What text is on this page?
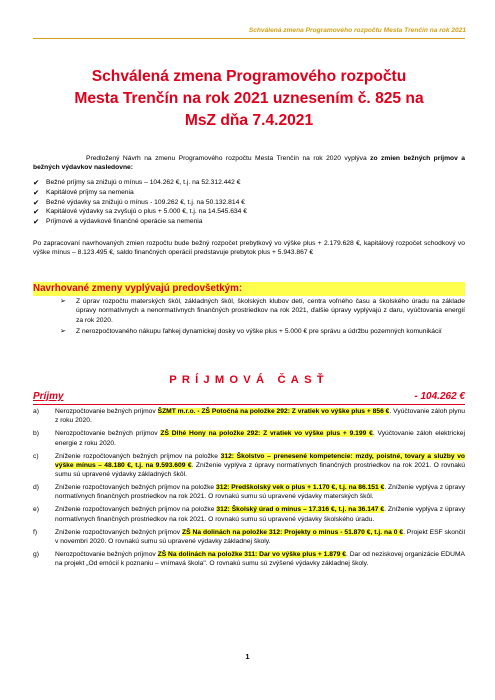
Schválená zmena Programového rozpočtu Mesta Trenčín na rok 2021
Schválená zmena Programového rozpočtu
Mesta Trenčín na rok 2021 uznesením č. 825 na
MsZ dňa 7.4.2021

Predložený Návrh na zmenu Programového rozpočtu Mesta Trenčín na rok 2020 vyplýva zo zmien bežných príjmov a bežných výdavkov nasledovne:

✔ Bežné príjmy sa znižujú o mínus – 104.262 €, t.j. na 52.312.442 €
✔ Kapitálové príjmy sa nemenia
✔ Bežné výdavky sa znižujú o mínus - 109.262 €, t.j. na 50.132.814 €
✔ Kapitálové výdavky sa zvyšujú o plus + 5.000 €, t.j. na 14.545.634 €
✔ Príjmové a výdavkové finančné operácie sa nemenia

Po zapracovaní navrhovaných zmien rozpočtu bude bežný rozpočet prebytkový vo výške plus + 2.179.628 €, kapitálový rozpočet schodkový vo výške mínus – 8.123.495 €, saldo finančných operácií predstavuje prebytok plus + 5.943.867 €

Navrhované zmeny vyplývajú predovšetkým:
➢ Z úprav rozpočtu materských škôl, základných škôl, školských klubov detí, centra voľného času a školského úradu na základe úpravy normatívnych a nenormatívnych finančných prostriedkov na rok 2021, ďalšie úpravy vyplývajú z daru, vyúčtovania energií za rok 2020.
➢ Z nerozpočtovaného nákupu ľahkej dynamickej dosky vo výške plus + 5.000 € pre správu a údržbu pozemných komunikácií
PRÍJMOVÁ ČASŤ
Príjmy	- 104.262 €
a) Nerozpočtovanie bežných príjmov ŠZMT m.r.o. - ZŠ Potočná na položke 292: Z vratiek vo výške plus + 856 €. Vyúčtovanie záloh plynu z roku 2020.
b) Nerozpočtovanie bežných príjmov ZŠ Dlhé Hony na položke 292: Z vratiek vo výške plus + 9.199 €. Vyúčtovanie záloh elektrickej energie z roku 2020.
c) Zníženie rozpočtovaných bežných príjmov na položke 312: Školstvo – prenesené kompetencie: mzdy, poistné, tovary a služby vo výške mínus – 48.180 €, t.j. na 9.593.609 €. Zníženie vyplýva z úpravy normatívnych finančných prostriedkov na rok 2021. O rovnakú sumu sú upravené výdavky základných škôl.
d) Zníženie rozpočtovaných bežných príjmov na položke 312: Predškolský vek o plus + 1.170 €, t.j. na 86.151 €. Zníženie vyplýva z úpravy normatívnych finančných prostriedkov na rok 2021. O rovnakú sumu sú upravené výdavky materských škôl.
e) Zníženie rozpočtovaných bežných príjmov na položke 312: Školský úrad o mínus – 17.316 €, t.j. na 36.147 €. Zníženie vyplýva z úpravy normatívnych finančných prostriedkov na rok 2021. O rovnakú sumu sú upravené výdavky školského úradu.
f)	Zníženie rozpočtovaných bežných príjmov ZŠ Na dolinách na položke 312: Projekty o mínus - 51.870 €, t.j. na 0 €. Projekt ESF skončil v novembri 2020. O rovnakú sumu sú upravené výdavky základnej školy.
g) Nerozpočtovanie bežných príjmov ZŠ Na dolinách na položke 311: Dar vo výške plus + 1.879 €. Dar od neziskovej organizácie EDUMA na projekt „Od emócií k poznaniu – vnímavá škola". O rovnakú sumu sú zvýšené výdavky základnej školy.
1
